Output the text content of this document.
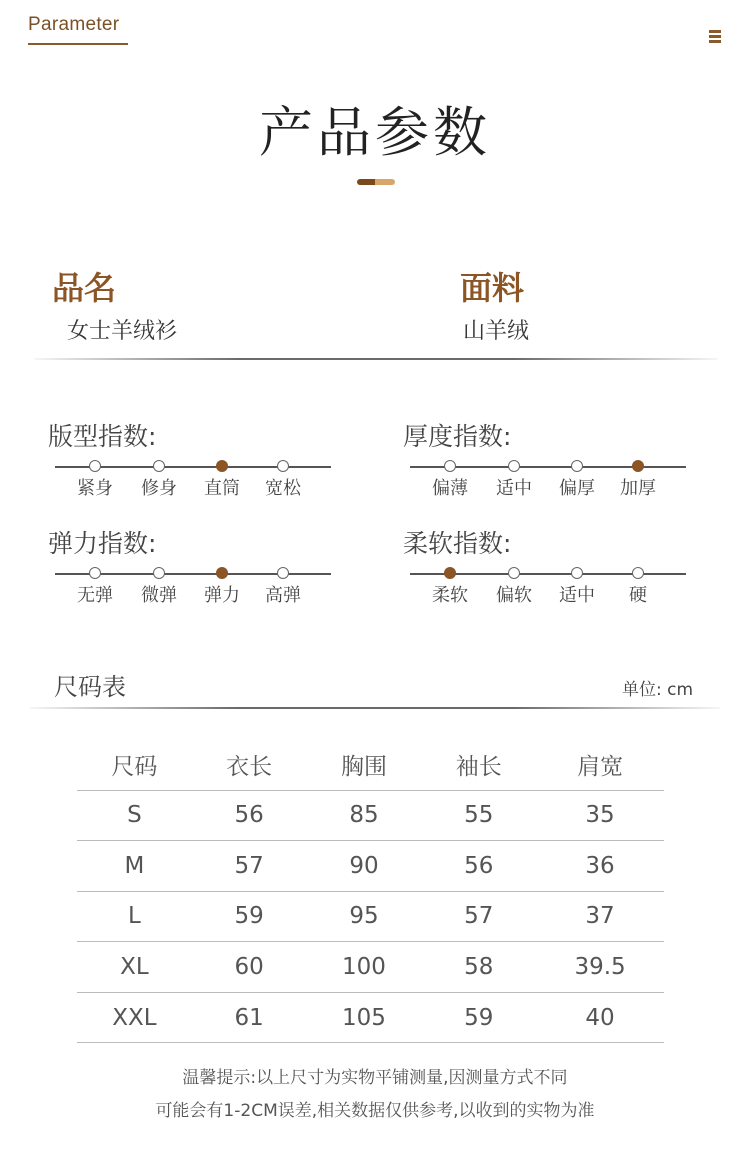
Parameter
产品参数
品名
女士羊绒衫
面料
山羊绒
版型指数:
紧身 修身 直筒 宽松
厚度指数:
偏薄 适中 偏厚 加厚
弹力指数:
无弹 微弹 弹力 高弹
柔软指数:
柔软 偏软 适中 硬
尺码表	单位: cm
尺码	衣长	胸围	袖长	肩宽
S	56	85	55	35
M	57	90	56	36
L	59	95	57	37
XL	60	100	58	39.5
XXL	61	105	59	40
温馨提示:以上尺寸为实物平铺测量,因测量方式不同
可能会有1-2CM误差,相关数据仅供参考,以收到的实物为准
